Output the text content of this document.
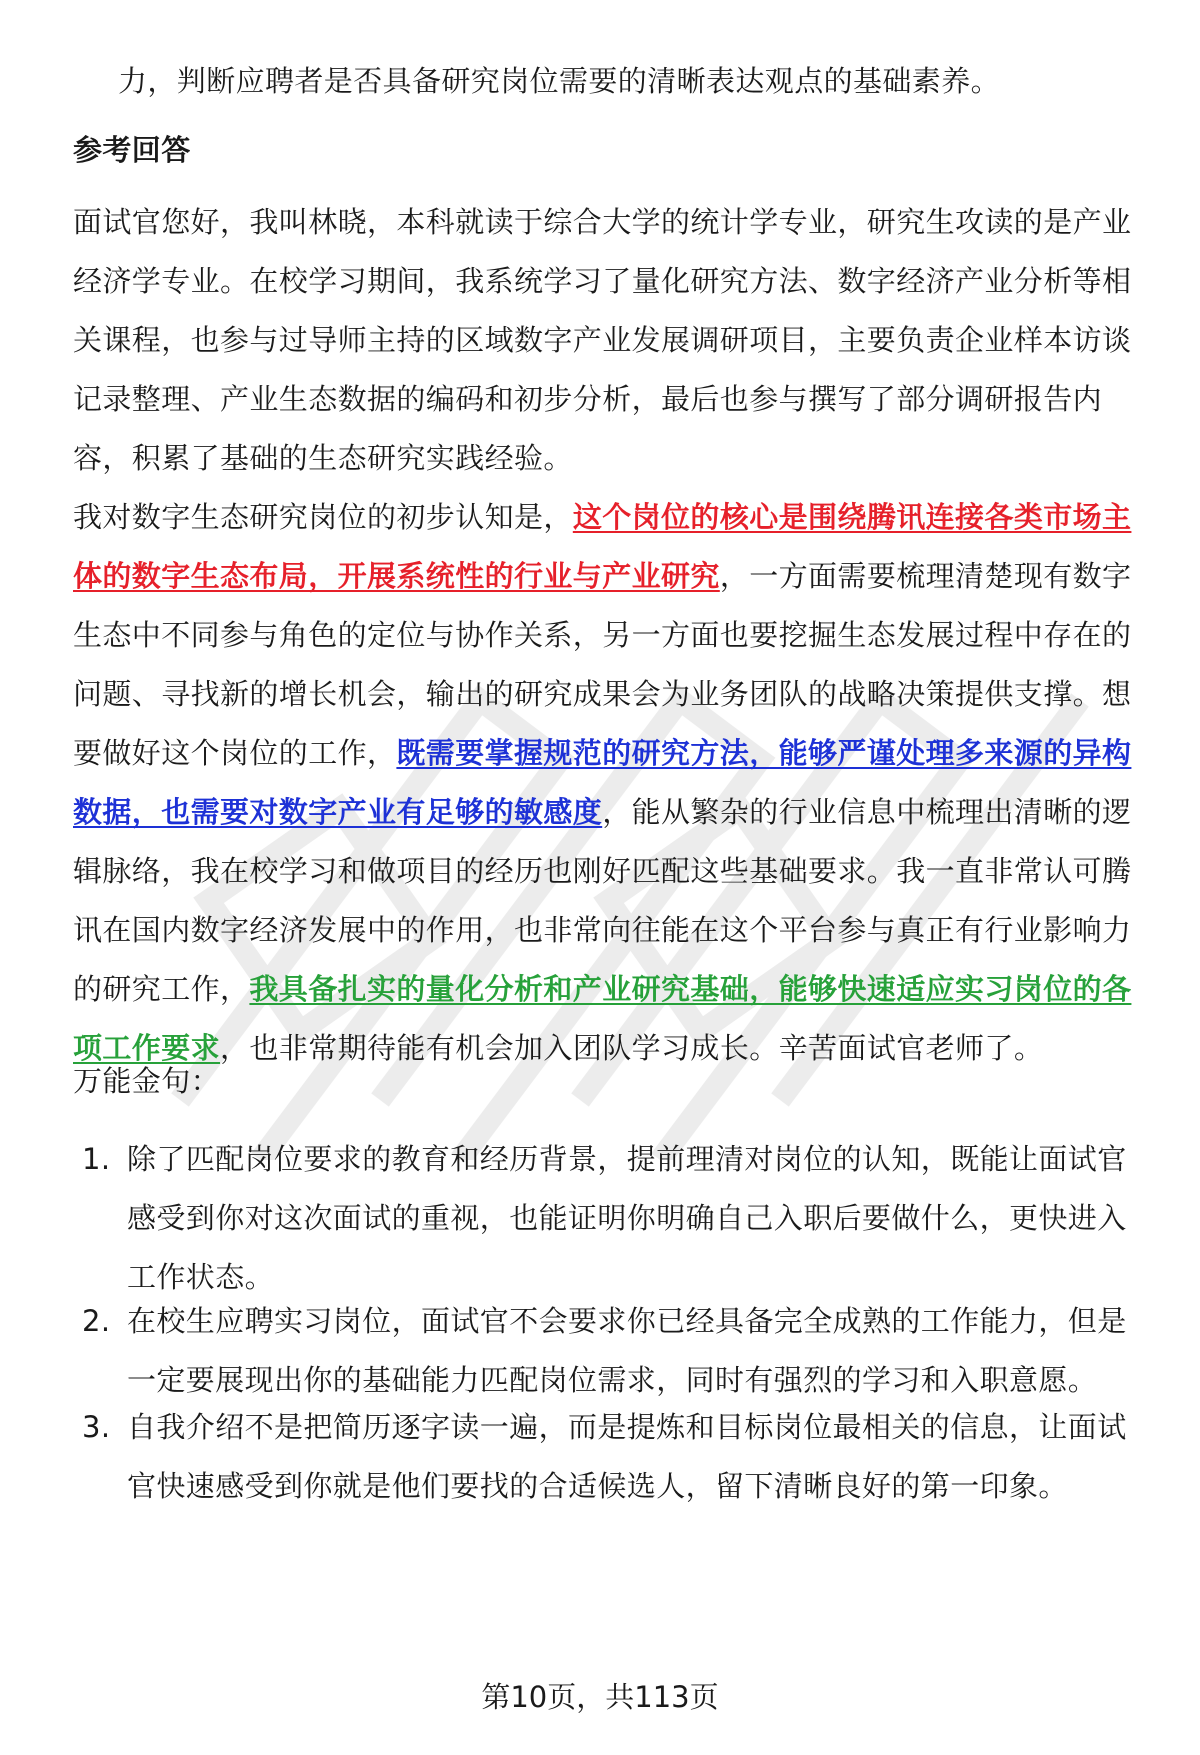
力，判断应聘者是否具备研究岗位需要的清晰表达观点的基础素养。

参考回答

面试官您好，我叫林晓，本科就读于综合大学的统计学专业，研究生攻读的是产业经济学专业。在校学习期间，我系统学习了量化研究方法、数字经济产业分析等相关课程，也参与过导师主持的区域数字产业发展调研项目，主要负责企业样本访谈记录整理、产业生态数据的编码和初步分析，最后也参与撰写了部分调研报告内容，积累了基础的生态研究实践经验。

我对数字生态研究岗位的初步认知是，这个岗位的核心是围绕腾讯连接各类市场主体的数字生态布局，开展系统性的行业与产业研究，一方面需要梳理清楚现有数字生态中不同参与角色的定位与协作关系，另一方面也要挖掘生态发展过程中存在的问题、寻找新的增长机会，输出的研究成果会为业务团队的战略决策提供支撑。想要做好这个岗位的工作，既需要掌握规范的研究方法，能够严谨处理多来源的异构数据，也需要对数字产业有足够的敏感度，能从繁杂的行业信息中梳理出清晰的逻辑脉络，我在校学习和做项目的经历也刚好匹配这些基础要求。我一直非常认可腾讯在国内数字经济发展中的作用，也非常向往能在这个平台参与真正有行业影响力的研究工作，我具备扎实的量化分析和产业研究基础，能够快速适应实习岗位的各项工作要求，也非常期待能有机会加入团队学习成长。辛苦面试官老师了。

万能金句：

1. 除了匹配岗位要求的教育和经历背景，提前理清对岗位的认知，既能让面试官感受到你对这次面试的重视，也能证明你明确自己入职后要做什么，更快进入工作状态。
2. 在校生应聘实习岗位，面试官不会要求你已经具备完全成熟的工作能力，但是一定要展现出你的基础能力匹配岗位需求，同时有强烈的学习和入职意愿。
3. 自我介绍不是把简历逐字读一遍，而是提炼和目标岗位最相关的信息，让面试官快速感受到你就是他们要找的合适候选人，留下清晰良好的第一印象。
第10页，共113页
